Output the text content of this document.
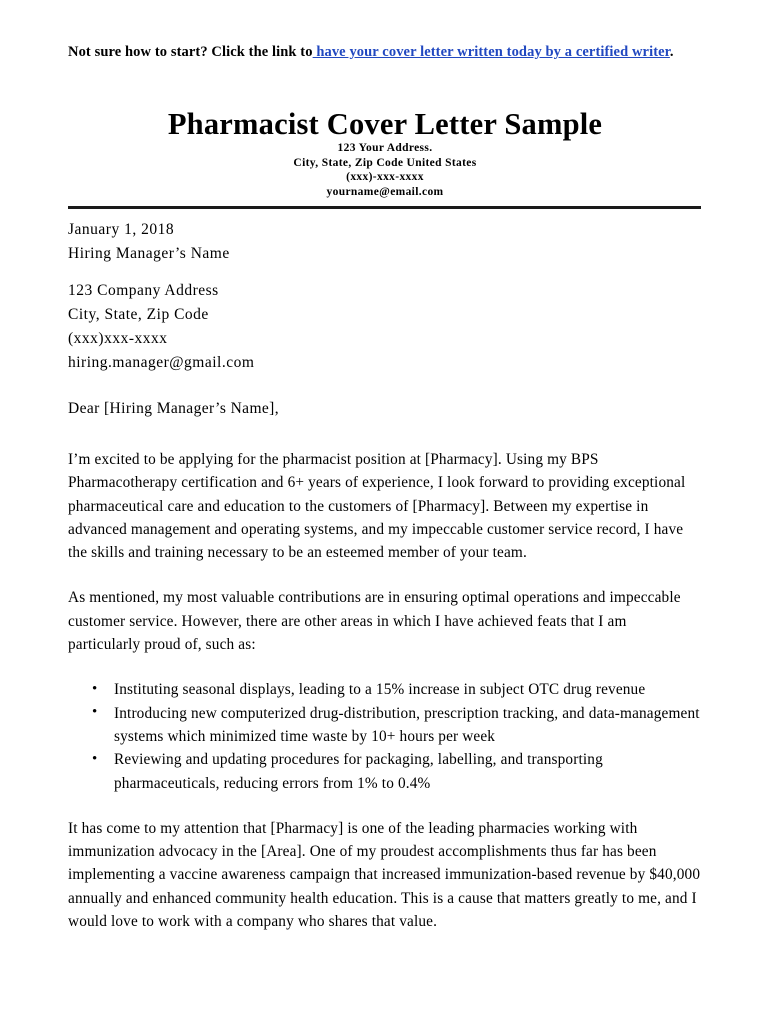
Not sure how to start? Click the link to have your cover letter written today by a certified writer.
Pharmacist Cover Letter Sample
123 Your Address.
City, State, Zip Code United States
(xxx)-xxx-xxxx
yourname@email.com
January 1, 2018
Hiring Manager’s Name
123 Company Address
City, State, Zip Code
(xxx)xxx-xxxx
hiring.manager@gmail.com
Dear [Hiring Manager’s Name],

I’m excited to be applying for the pharmacist position at [Pharmacy]. Using my BPS Pharmacotherapy certification and 6+ years of experience, I look forward to providing exceptional pharmaceutical care and education to the customers of [Pharmacy]. Between my expertise in advanced management and operating systems, and my impeccable customer service record, I have the skills and training necessary to be an esteemed member of your team.

As mentioned, my most valuable contributions are in ensuring optimal operations and impeccable customer service. However, there are other areas in which I have achieved feats that I am particularly proud of, such as:

• Instituting seasonal displays, leading to a 15% increase in subject OTC drug revenue
• Introducing new computerized drug-distribution, prescription tracking, and data-management systems which minimized time waste by 10+ hours per week
• Reviewing and updating procedures for packaging, labelling, and transporting pharmaceuticals, reducing errors from 1% to 0.4%

It has come to my attention that [Pharmacy] is one of the leading pharmacies working with immunization advocacy in the [Area]. One of my proudest accomplishments thus far has been implementing a vaccine awareness campaign that increased immunization-based revenue by $40,000 annually and enhanced community health education. This is a cause that matters greatly to me, and I would love to work with a company who shares that value.
